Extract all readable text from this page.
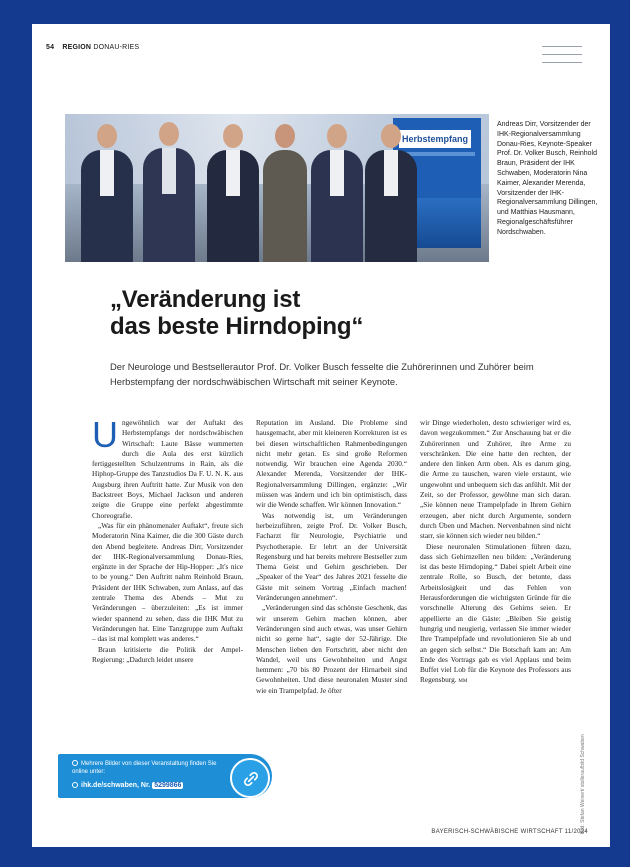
54 REGION DONAU-RIES
Herbstempfang
Andreas Dirr, Vorsitzender der IHK-Regionalversammlung Donau-Ries, Keynote-Speaker Prof. Dr. Volker Busch, Reinhold Braun, Präsident der IHK Schwaben, Moderatorin Nina Kaimer, Alexander Merenda, Vorsitzender der IHK-Regionalversammlung Dillingen, und Matthias Hausmann, Regionalgeschäftsführer Nordschwaben.
„Veränderung ist
das beste Hirndoping“
Der Neurologe und Bestsellerautor Prof. Dr. Volker Busch fesselte die Zuhörerinnen und Zuhörer beim Herbstempfang der nordschwäbischen Wirtschaft mit seiner Keynote.

Ungewöhnlich war der Auftakt des Herbstempfangs der nordschwäbischen Wirtschaft: Laute Bässe wummerten durch die Aula des erst kürzlich fertiggestellten Schulzentrums in Rain, als die Hiphop-Gruppe des Tanzstudios Da F. U. N. K. aus Augsburg ihren Auftritt hatte. Zur Musik von den Backstreet Boys, Michael Jackson und anderen zeigte die Gruppe eine perfekt abgestimmte Choreografie.

„Was für ein phänomenaler Auftakt“, freute sich Moderatorin Nina Kaimer, die die 300 Gäste durch den Abend begleitete. Andreas Dirr, Vorsitzender der IHK-Regionalversammlung Donau-Ries, ergänzte in der Sprache der Hip-Hopper: „It's nice to be young.“ Den Auftritt nahm Reinhold Braun, Präsident der IHK Schwaben, zum Anlass, auf das zentrale Thema des Abends – Mut zu Veränderungen – überzuleiten: „Es ist immer wieder spannend zu sehen, dass die IHK Mut zu Veränderungen hat. Eine Tanzgruppe zum Auftakt – das ist mal komplett was anderes.“

Braun kritisierte die Politik der Ampel-Regierung: „Dadurch leidet unsere

Reputation im Ausland. Die Probleme sind hausgemacht, aber mit kleineren Korrekturen ist es bei diesen wirtschaftlichen Rahmenbedingungen nicht mehr getan. Es sind große Reformen notwendig. Wir brauchen eine Agenda 2030.“ Alexander Merenda, Vorsitzender der IHK-Regionalversammlung Dillingen, ergänzte: „Wir müssen was ändern und ich bin optimistisch, dass wir die Wende schaffen. Wir können Innovation.“

Was notwendig ist, um Veränderungen herbeizuführen, zeigte Prof. Dr. Volker Busch, Facharzt für Neurologie, Psychiatrie und Psychotherapie. Er lehrt an der Universität Regensburg und hat bereits mehrere Bestseller zum Thema Geist und Gehirn geschrieben. Der „Speaker of the Year“ des Jahres 2021 fesselte die Gäste mit seinem Vortrag „Einfach machen! Veränderungen annehmen“.

„Veränderungen sind das schönste Geschenk, das wir unserem Gehirn machen können, aber Veränderungen sind auch etwas, was unser Gehirn nicht so gerne hat“, sagte der 52-Jährige. Die Menschen lieben den Fortschritt, aber nicht den Wandel, weil uns Gewohnheiten und Angst hemmen: „70 bis 80 Prozent der Hirnarbeit sind Gewohnheiten. Und diese neuronalen Muster sind wie ein Trampelpfad. Je öfter

wir Dinge wiederholen, desto schwieriger wird es, davon wegzukommen.“ Zur Anschauung bat er die Zuhörerinnen und Zuhörer, ihre Arme zu verschränken. Die eine hatte den rechten, der andere den linken Arm oben. Als es darum ging, die Arme zu tauschen, waren viele erstaunt, wie ungewohnt und unbequem sich das anfühlt. Mit der Zeit, so der Professor, gewöhne man sich daran. „Sie können neue Trampelpfade in Ihrem Gehirn erzeugen, aber nicht durch Argumente, sondern durch Üben und Machen. Nervenbahnen sind nicht starr, sie können sich wieder neu bilden.“

Diese neuronalen Stimulationen führen dazu, dass sich Gehirnzellen neu bilden: „Veränderung ist das beste Hirndoping.“ Dabei spielt Arbeit eine zentrale Rolle, so Busch, der betonte, dass Arbeitslosigkeit und das Fehlen von Herausforderungen die wichtigsten Gründe für die vorschnelle Alterung des Gehirns seien. Er appellierte an die Gäste: „Bleiben Sie geistig hungrig und neugierig, verlassen Sie immer wieder Ihre Trampelpfade und revolutionieren Sie ab und an gegen sich selbst.“ Die Botschaft kam an: Am Ende des Vortrags gab es viel Applaus und beim Buffet viel Lob für die Keynote des Professors aus Regensburg. MM

Bild: Stefan Weinert/ stolleraufbild Schwaben
Mehrere Bilder von dieser Veranstaltung finden Sie online unter:
ihk.de/schwaben, Nr. 5299866
BAYERISCH-SCHWÄBISCHE WIRTSCHAFT 11/2024
